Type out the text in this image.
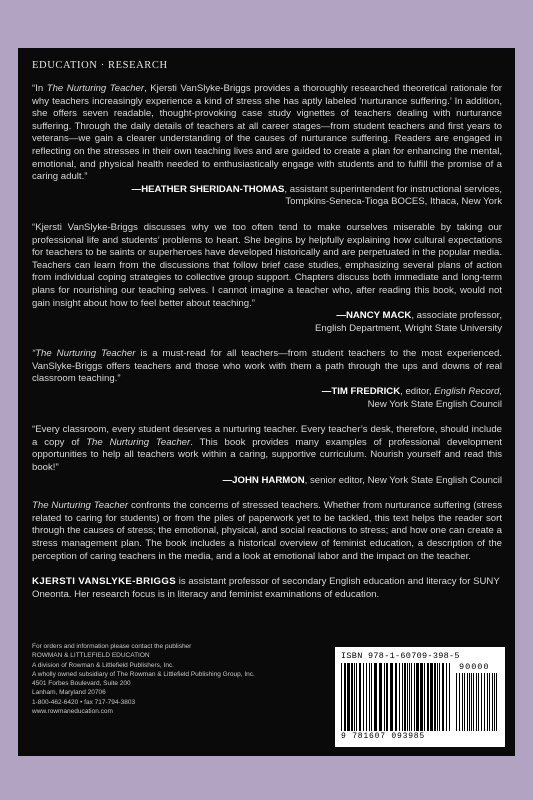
EDUCATION · RESEARCH
“In The Nurturing Teacher, Kjersti VanSlyke-Briggs provides a thoroughly researched theoretical rationale for why teachers increasingly experience a kind of stress she has aptly labeled ‘nurturance suffering.’ In addition, she offers seven readable, thought-provoking case study vignettes of teachers dealing with nurturance suffering. Through the daily details of teachers at all career stages—from student teachers and first years to veterans—we gain a clearer understanding of the causes of nurturance suffering. Readers are engaged in reflecting on the stresses in their own teaching lives and are guided to create a plan for enhancing the mental, emotional, and physical health needed to enthusiastically engage with students and to fulfill the promise of a caring adult.”
—HEATHER SHERIDAN-THOMAS, assistant superintendent for instructional services,
Tompkins-Seneca-Tioga BOCES, Ithaca, New York
“Kjersti VanSlyke-Briggs discusses why we too often tend to make ourselves miserable by taking our professional life and students’ problems to heart. She begins by helpfully explaining how cultural expectations for teachers to be saints or superheroes have developed historically and are perpetuated in the popular media. Teachers can learn from the discussions that follow brief case studies, emphasizing several plans of action from individual coping strategies to collective group support. Chapters discuss both immediate and long-term plans for nourishing our teaching selves. I cannot imagine a teacher who, after reading this book, would not gain insight about how to feel better about teaching.”
—NANCY MACK, associate professor,
English Department, Wright State University
“The Nurturing Teacher is a must-read for all teachers—from student teachers to the most experienced. VanSlyke-Briggs offers teachers and those who work with them a path through the ups and downs of real classroom teaching.”
—TIM FREDRICK, editor, English Record,
New York State English Council
“Every classroom, every student deserves a nurturing teacher. Every teacher’s desk, therefore, should include a copy of The Nurturing Teacher. This book provides many examples of professional development opportunities to help all teachers work within a caring, supportive curriculum. Nourish yourself and read this book!”
—JOHN HARMON, senior editor, New York State English Council
The Nurturing Teacher confronts the concerns of stressed teachers. Whether from nurturance suffering (stress related to caring for students) or from the piles of paperwork yet to be tackled, this text helps the reader sort through the causes of stress; the emotional, physical, and social reactions to stress; and how one can create a stress management plan. The book includes a historical overview of feminist education, a description of the perception of caring teachers in the media, and a look at emotional labor and the impact on the teacher.
KJERSTI VANSLYKE-BRIGGS is assistant professor of secondary English education and literacy for SUNY Oneonta. Her research focus is in literacy and feminist examinations of education.
For orders and information please contact the publisher
ROWMAN & LITTLEFIELD EDUCATION
A division of Rowman & Littlefield Publishers, Inc.
A wholly owned subsidiary of The Rowman & Littlefield Publishing Group, Inc.
4501 Forbes Boulevard, Suite 200
Lanham, Maryland 20706
1-800-462-6420 • fax 717-794-3803
www.rowmaneducation.com
ISBN 978-1-60709-398-5
90000
9 781607 093985
